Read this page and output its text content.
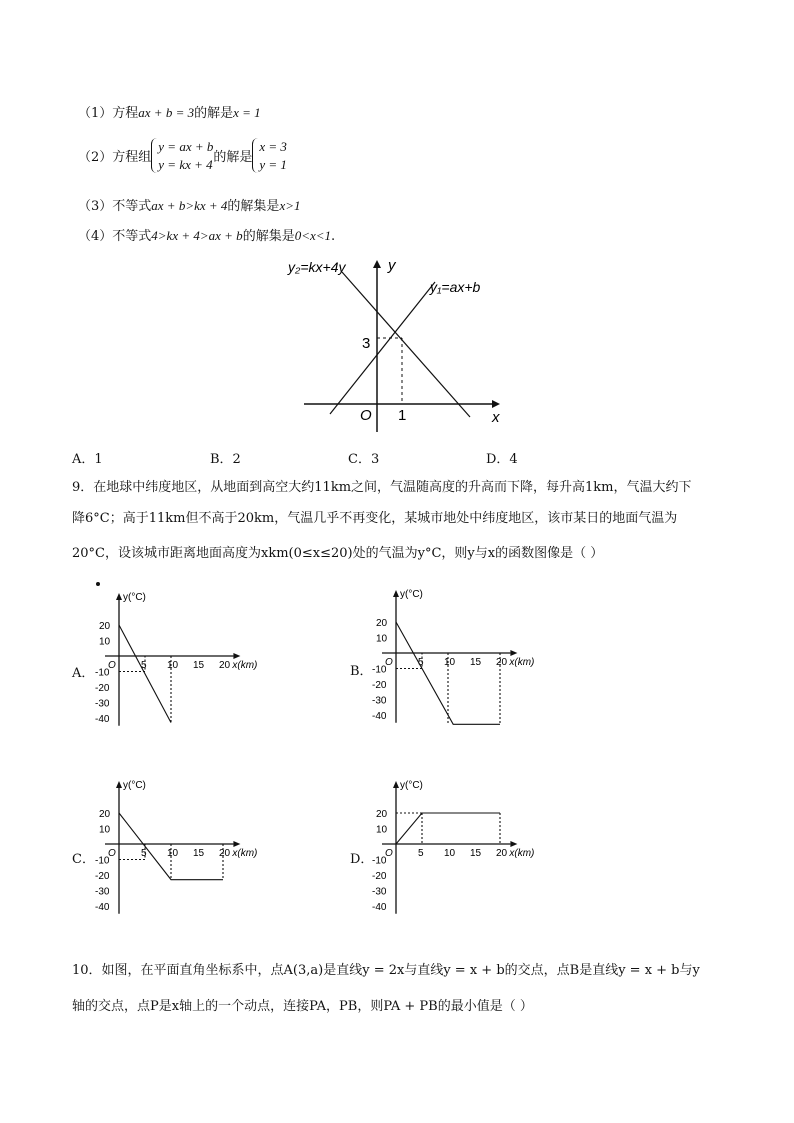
（1）方程ax + b = 3的解是x = 1
（2）方程组y = ax + b
y = kx + 4的解是x = 3
y = 1
（3）不等式ax + b>kx + 4的解集是x>1
（4）不等式4>kx + 4>ax + b的解集是0<x<1.
y₂=kx+4y	y
y₁=ax+b
3
O 1	x
A．1	B．2	C．3	D．4
9．在地球中纬度地区，从地面到高空大约11km之间，气温随高度的升高而下降，每升高1km，气温大约下
降6°C；高于11km但不高于20km，气温几乎不再变化，某城市地处中纬度地区，该市某日的地面气温为
20°C，设该城市距离地面高度为xkm(0≤x≤20)处的气温为y°C，则y与x的函数图像是（ ）
A．	B．
C．	D．
y(°C)
x(km)
O	5 10 15 20
20
10
-10
-20
-30
-40
y(°C)
x(km)
O	5 10 15 20
20
10
-10
-20
-30
-40
y(°C)
x(km)
O	5 10 15 20
20
10
-10
-20
-30
-40
y(°C)
x(km)
O	5 10 15 20
20
10
-10
-20
-30
-40
10．如图，在平面直角坐标系中，点A(3,a)是直线y = 2x与直线y = x + b的交点，点B是直线y = x + b与y
轴的交点，点P是x轴上的一个动点，连接PA，PB，则PA + PB的最小值是（ ）
